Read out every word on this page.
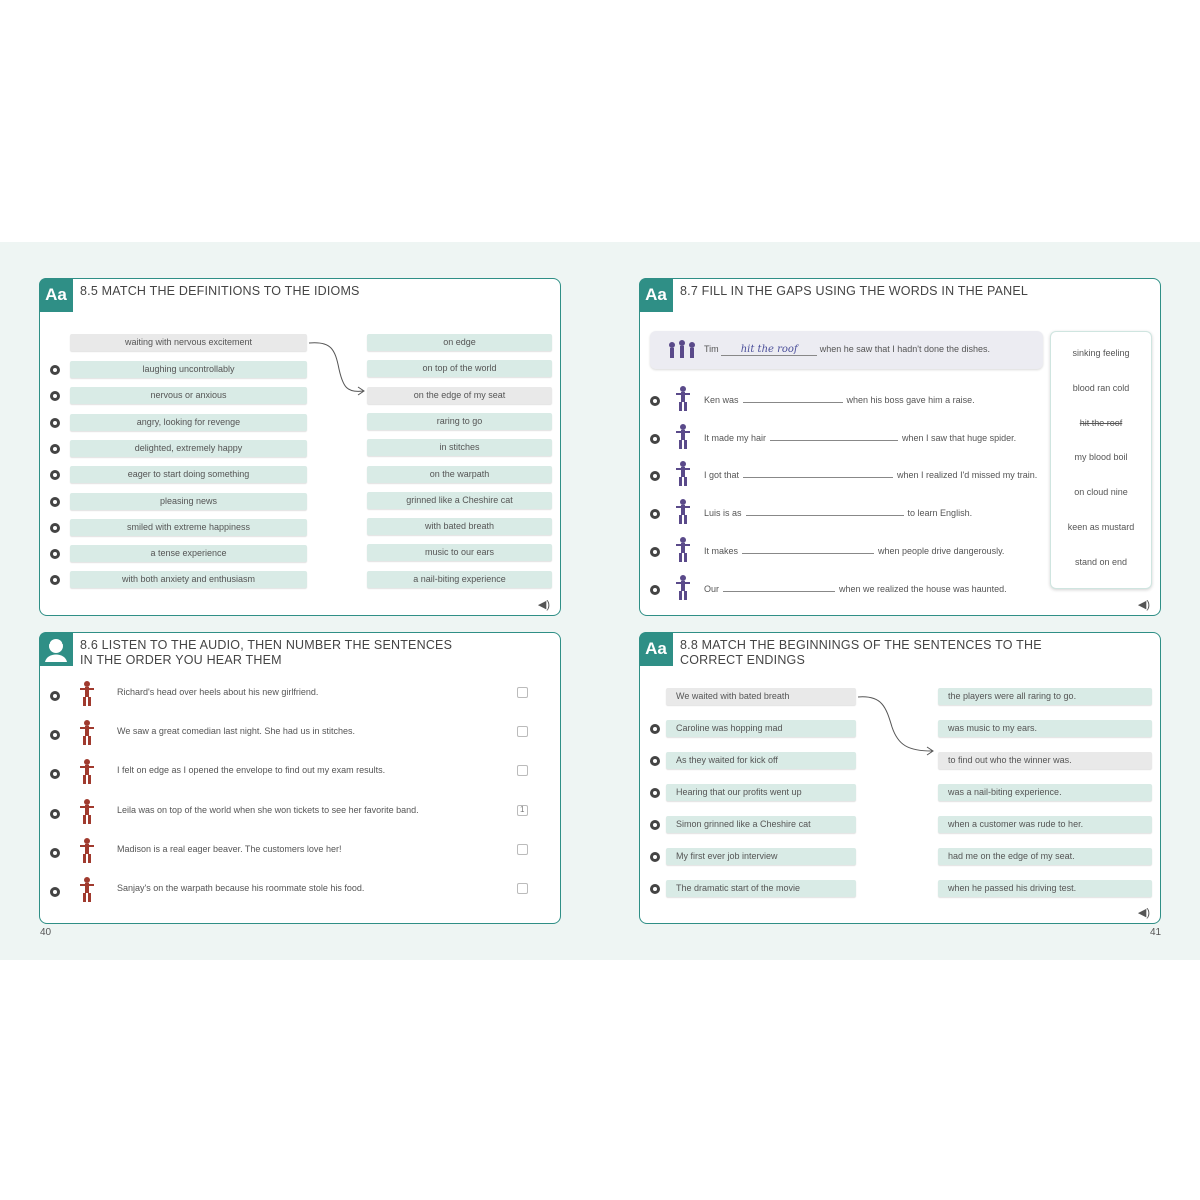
Aa	8.5 MATCH THE DEFINITIONS TO THE IDIOMS
waiting with nervous excitement
laughing uncontrollably
nervous or anxious
angry, looking for revenge
delighted, extremely happy
eager to start doing something
pleasing news
smiled with extreme happiness
a tense experience
with both anxiety and enthusiasm
on edge
on top of the world
on the edge of my seat
raring to go
in stitches
on the warpath
grinned like a Cheshire cat
with bated breath
music to our ears
a nail-biting experience
◀)
8.6 LISTEN TO THE AUDIO, THEN NUMBER THE SENTENCES
IN THE ORDER YOU HEAR THEM
Richard's head over heels about his new girlfriend.
We saw a great comedian last night. She had us in stitches.
I felt on edge as I opened the envelope to find out my exam results.
Leila was on top of the world when she won tickets to see her favorite band.	1
Madison is a real eager beaver. The customers love her!
Sanjay's on the warpath because his roommate stole his food.
Aa	8.7 FILL IN THE GAPS USING THE WORDS IN THE PANEL
Tim hit the roof when he saw that I hadn't done the dishes.
Ken was	when his boss gave him a raise.
It made my hair	when I saw that huge spider.
I got that	when I realized I'd missed my train.
Luis is as	to learn English.
It makes	when people drive dangerously.
Our	when we realized the house was haunted.
sinking feeling
blood ran cold
hit the roof
my blood boil
on cloud nine
keen as mustard
stand on end
◀)
Aa	8.8 MATCH THE BEGINNINGS OF THE SENTENCES TO THE
CORRECT ENDINGS
We waited with bated breath
Caroline was hopping mad
As they waited for kick off
Hearing that our profits went up
Simon grinned like a Cheshire cat
My first ever job interview
The dramatic start of the movie
the players were all raring to go.
was music to my ears.
to find out who the winner was.
was a nail-biting experience.
when a customer was rude to her.
had me on the edge of my seat.
when he passed his driving test.
◀)
40	41
